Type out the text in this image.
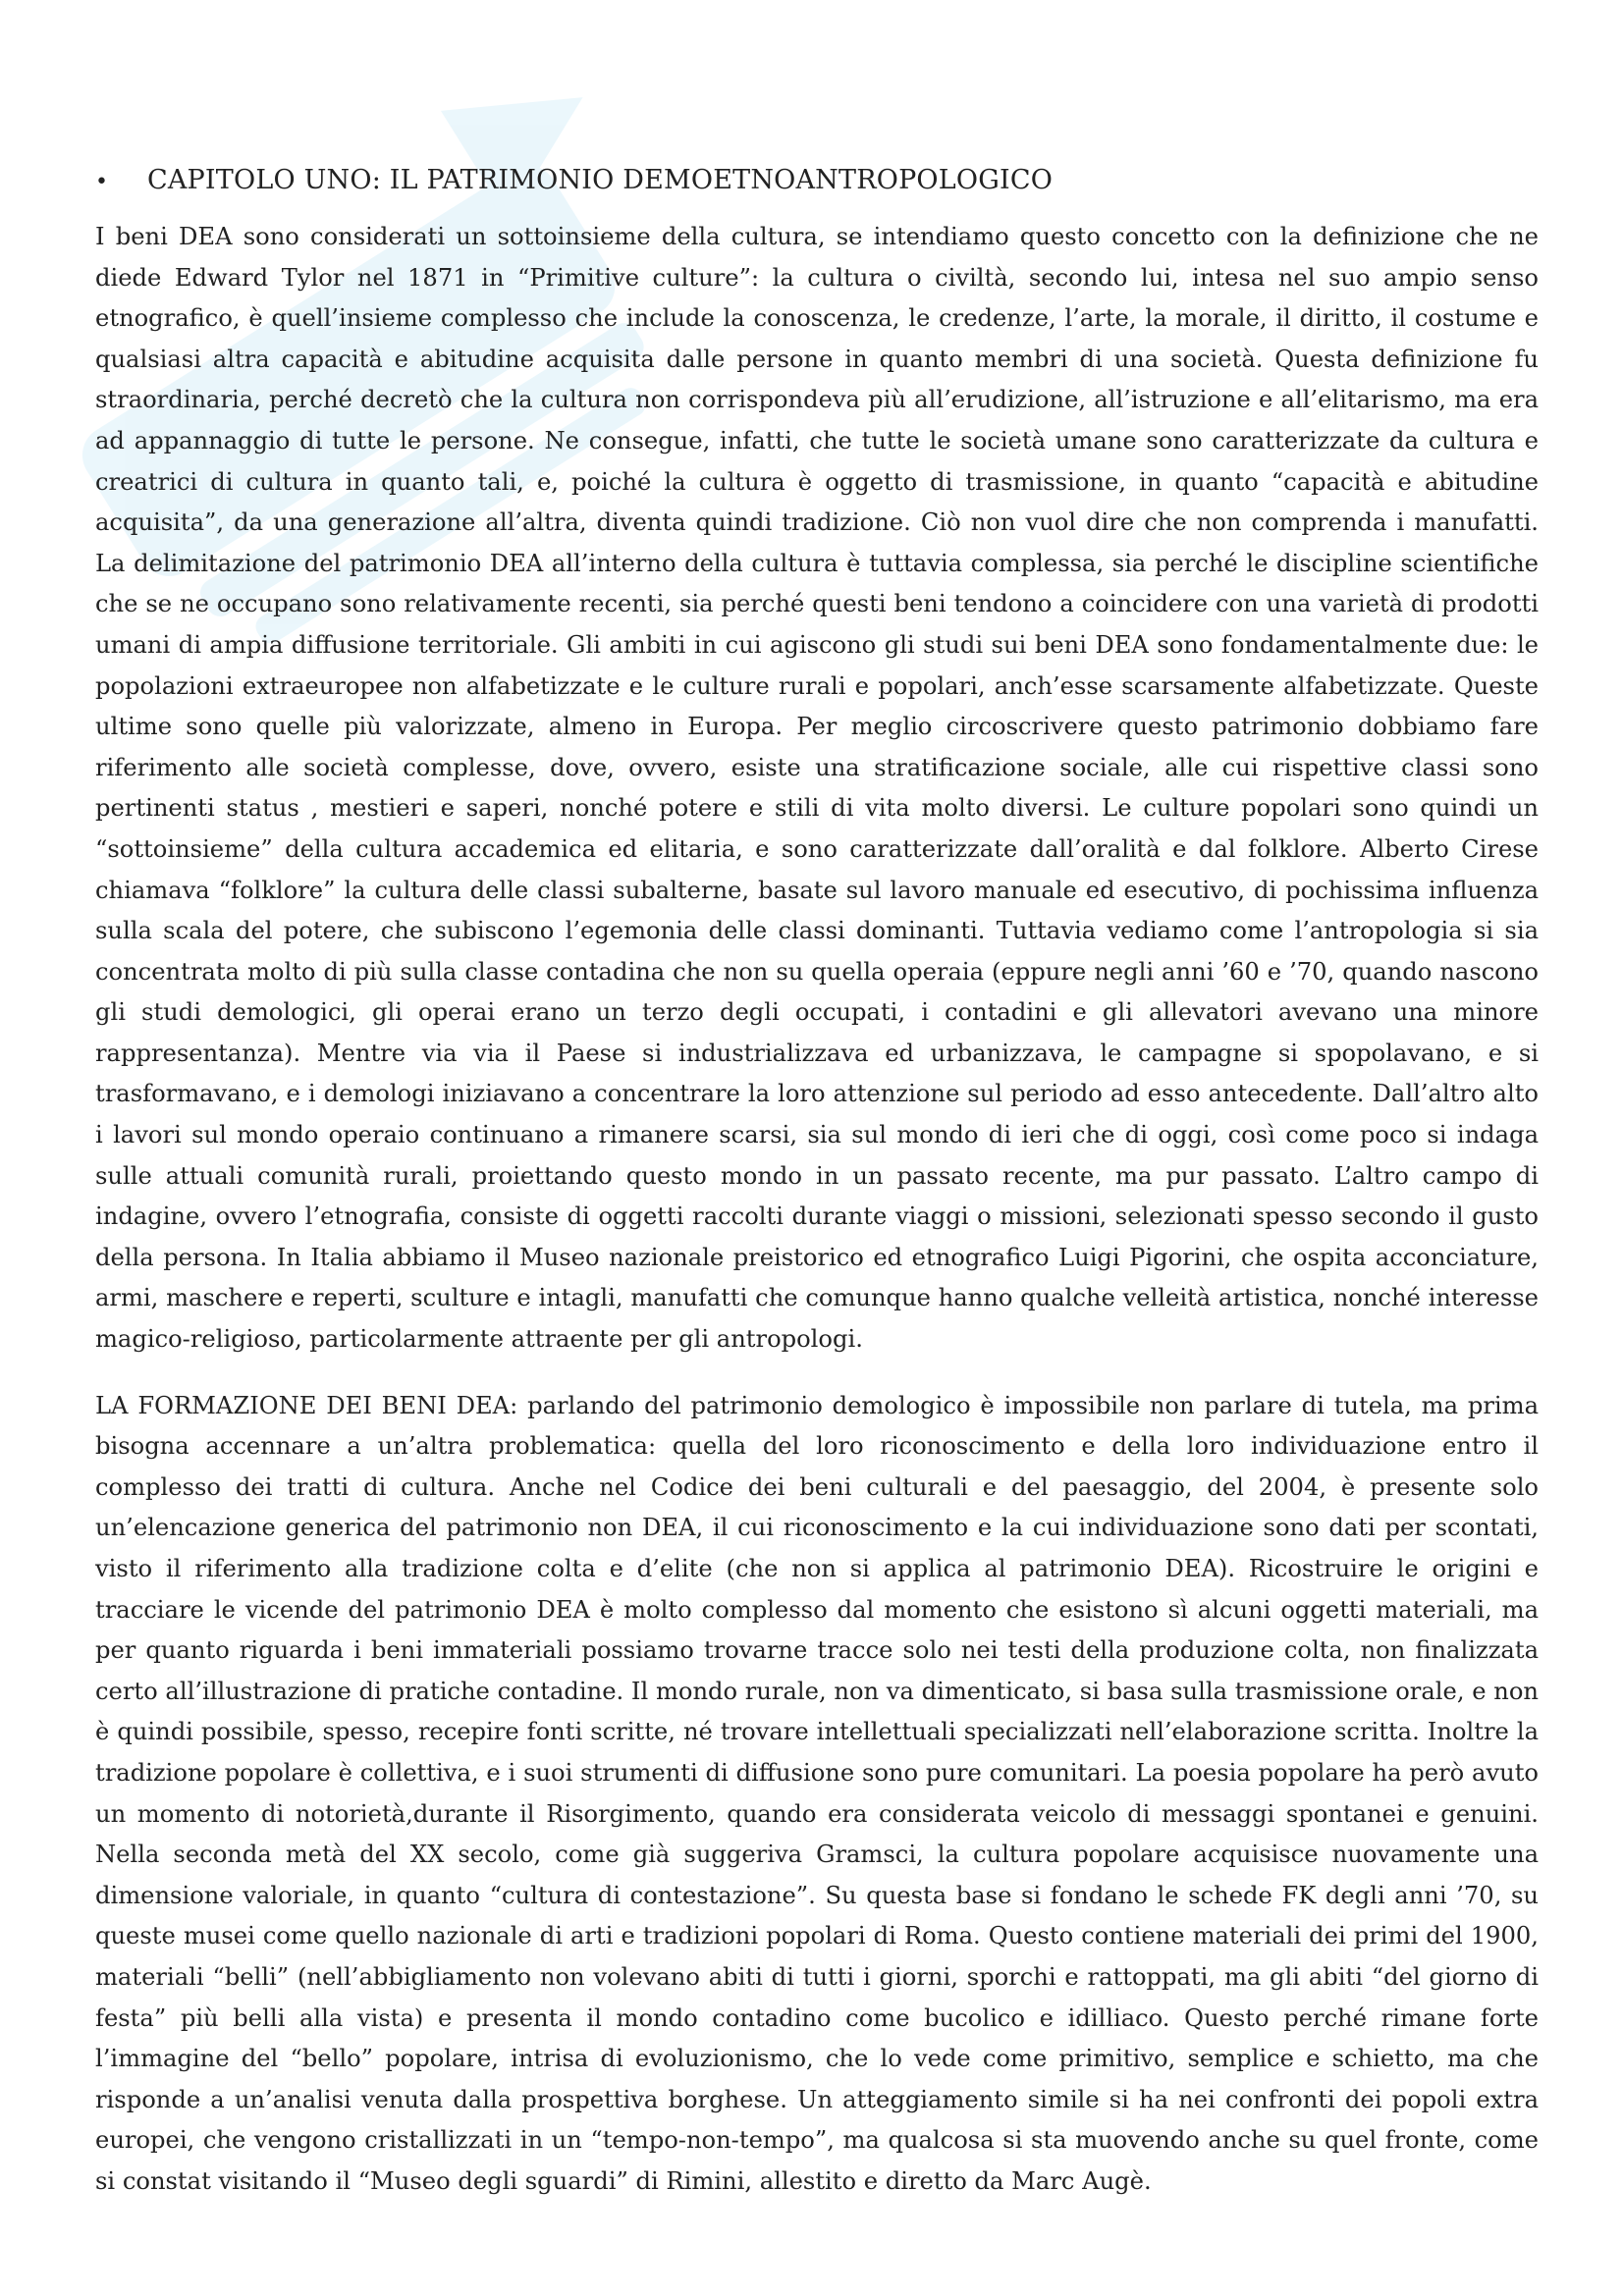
•	CAPITOLO UNO: IL PATRIMONIO DEMOETNOANTROPOLOGICO

I beni DEA sono considerati un sottoinsieme della cultura, se intendiamo questo concetto con la definizione che ne diede Edward Tylor nel 1871 in “Primitive culture”: la cultura o civiltà, secondo lui, intesa nel suo ampio senso etnografico, è quell’insieme complesso che include la conoscenza, le credenze, l’arte, la morale, il diritto, il costume e qualsiasi altra capacità e abitudine acquisita dalle persone in quanto membri di una società. Questa definizione fu straordinaria, perché decretò che la cultura non corrispondeva più all’erudizione, all’istruzione e all’elitarismo, ma era ad appannaggio di tutte le persone. Ne consegue, infatti, che tutte le società umane sono caratterizzate da cultura e creatrici di cultura in quanto tali, e, poiché la cultura è oggetto di trasmissione, in quanto “capacità e abitudine acquisita”, da una generazione all’altra, diventa quindi tradizione. Ciò non vuol dire che non comprenda i manufatti. La delimitazione del patrimonio DEA all’interno della cultura è tuttavia complessa, sia perché le discipline scientifiche che se ne occupano sono relativamente recenti, sia perché questi beni tendono a coincidere con una varietà di prodotti umani di ampia diffusione territoriale. Gli ambiti in cui agiscono gli studi sui beni DEA sono fondamentalmente due: le popolazioni extraeuropee non alfabetizzate e le culture rurali e popolari, anch’esse scarsamente alfabetizzate. Queste ultime sono quelle più valorizzate, almeno in Europa. Per meglio circoscrivere questo patrimonio dobbiamo fare riferimento alle società complesse, dove, ovvero, esiste una stratificazione sociale, alle cui rispettive classi sono pertinenti status , mestieri e saperi, nonché potere e stili di vita molto diversi. Le culture popolari sono quindi un “sottoinsieme” della cultura accademica ed elitaria, e sono caratterizzate dall’oralità e dal folklore. Alberto Cirese chiamava “folklore” la cultura delle classi subalterne, basate sul lavoro manuale ed esecutivo, di pochissima influenza sulla scala del potere, che subiscono l’egemonia delle classi dominanti. Tuttavia vediamo come l’antropologia si sia concentrata molto di più sulla classe contadina che non su quella operaia (eppure negli anni ’60 e ’70, quando nascono gli studi demologici, gli operai erano un terzo degli occupati, i contadini e gli allevatori avevano una minore rappresentanza). Mentre via via il Paese si industrializzava ed urbanizzava, le campagne si spopolavano, e si trasformavano, e i demologi iniziavano a concentrare la loro attenzione sul periodo ad esso antecedente. Dall’altro alto i lavori sul mondo operaio continuano a rimanere scarsi, sia sul mondo di ieri che di oggi, così come poco si indaga sulle attuali comunità rurali, proiettando questo mondo in un passato recente, ma pur passato. L’altro campo di indagine, ovvero l’etnografia, consiste di oggetti raccolti durante viaggi o missioni, selezionati spesso secondo il gusto della persona. In Italia abbiamo il Museo nazionale preistorico ed etnografico Luigi Pigorini, che ospita acconciature, armi, maschere e reperti, sculture e intagli, manufatti che comunque hanno qualche velleità artistica, nonché interesse magico-religioso, particolarmente attraente per gli antropologi.

LA FORMAZIONE DEI BENI DEA: parlando del patrimonio demologico è impossibile non parlare di tutela, ma prima bisogna accennare a un’altra problematica: quella del loro riconoscimento e della loro individuazione entro il complesso dei tratti di cultura. Anche nel Codice dei beni culturali e del paesaggio, del 2004, è presente solo un’elencazione generica del patrimonio non DEA, il cui riconoscimento e la cui individuazione sono dati per scontati, visto il riferimento alla tradizione colta e d’elite (che non si applica al patrimonio DEA). Ricostruire le origini e tracciare le vicende del patrimonio DEA è molto complesso dal momento che esistono sì alcuni oggetti materiali, ma per quanto riguarda i beni immateriali possiamo trovarne tracce solo nei testi della produzione colta, non finalizzata certo all’illustrazione di pratiche contadine. Il mondo rurale, non va dimenticato, si basa sulla trasmissione orale, e non è quindi possibile, spesso, recepire fonti scritte, né trovare intellettuali specializzati nell’elaborazione scritta. Inoltre la tradizione popolare è collettiva, e i suoi strumenti di diffusione sono pure comunitari. La poesia popolare ha però avuto un momento di notorietà,durante il Risorgimento, quando era considerata veicolo di messaggi spontanei e genuini. Nella seconda metà del XX secolo, come già suggeriva Gramsci, la cultura popolare acquisisce nuovamente una dimensione valoriale, in quanto “cultura di contestazione”. Su questa base si fondano le schede FK degli anni ’70, su queste musei come quello nazionale di arti e tradizioni popolari di Roma. Questo contiene materiali dei primi del 1900, materiali “belli” (nell’abbigliamento non volevano abiti di tutti i giorni, sporchi e rattoppati, ma gli abiti “del giorno di festa” più belli alla vista) e presenta il mondo contadino come bucolico e idilliaco. Questo perché rimane forte l’immagine del “bello” popolare, intrisa di evoluzionismo, che lo vede come primitivo, semplice e schietto, ma che risponde a un’analisi venuta dalla prospettiva borghese. Un atteggiamento simile si ha nei confronti dei popoli extra europei, che vengono cristallizzati in un “tempo-non-tempo”, ma qualcosa si sta muovendo anche su quel fronte, come si constat visitando il “Museo degli sguardi” di Rimini, allestito e diretto da Marc Augè.
